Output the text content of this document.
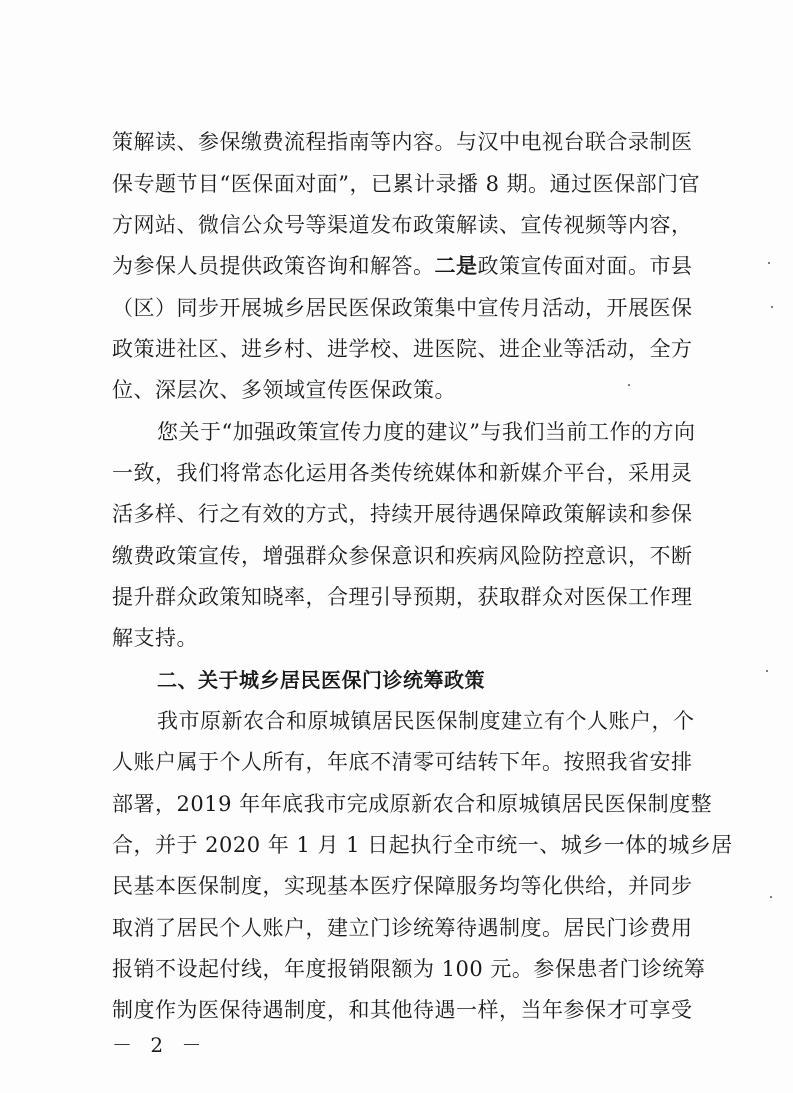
策解读、参保缴费流程指南等内容。与汉中电视台联合录制医
保专题节目“医保面对面”，已累计录播 8 期。通过医保部门官
方网站、微信公众号等渠道发布政策解读、宣传视频等内容，
为参保人员提供政策咨询和解答。二是政策宣传面对面。市县
（区）同步开展城乡居民医保政策集中宣传月活动，开展医保
政策进社区、进乡村、进学校、进医院、进企业等活动，全方
位、深层次、多领域宣传医保政策。
您关于“加强政策宣传力度的建议”与我们当前工作的方向
一致，我们将常态化运用各类传统媒体和新媒介平台，采用灵
活多样、行之有效的方式，持续开展待遇保障政策解读和参保
缴费政策宣传，增强群众参保意识和疾病风险防控意识，不断
提升群众政策知晓率，合理引导预期，获取群众对医保工作理
解支持。
二、关于城乡居民医保门诊统筹政策
我市原新农合和原城镇居民医保制度建立有个人账户，个
人账户属于个人所有，年底不清零可结转下年。按照我省安排
部署，2019 年年底我市完成原新农合和原城镇居民医保制度整
合，并于 2020 年 1 月 1 日起执行全市统一、城乡一体的城乡居
民基本医保制度，实现基本医疗保障服务均等化供给，并同步
取消了居民个人账户，建立门诊统筹待遇制度。居民门诊费用
报销不设起付线，年度报销限额为 100 元。参保患者门诊统筹
制度作为医保待遇制度，和其他待遇一样，当年参保才可享受
－ 2 －
